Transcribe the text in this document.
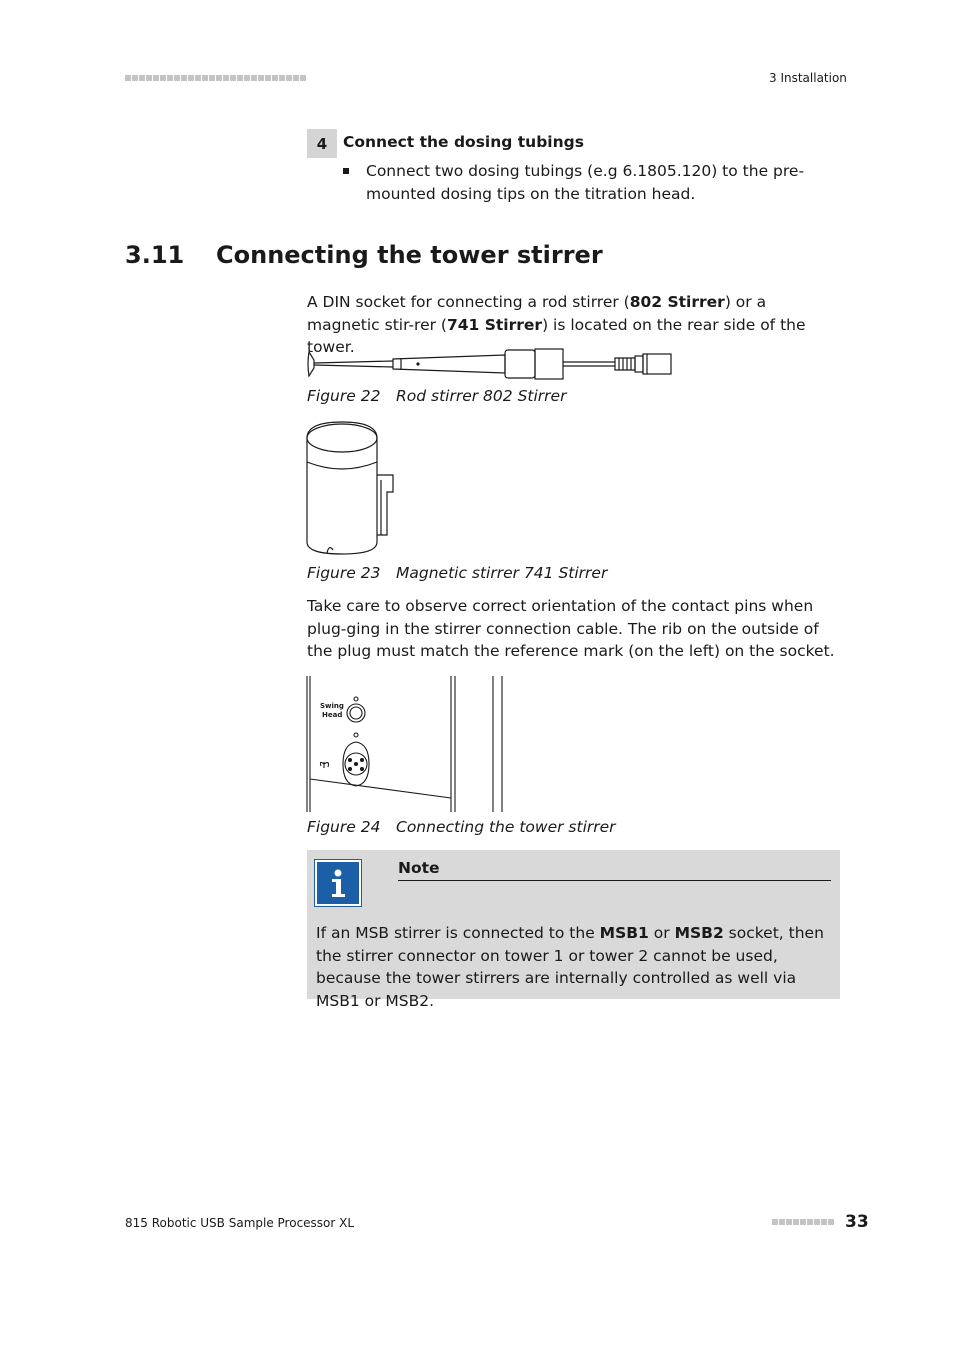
3 Installation
4	Connect the dosing tubings
Connect two dosing tubings (e.g 6.1805.120) to the pre-mounted dosing tips on the titration head.
3.11 Connecting the tower stirrer
A DIN socket for connecting a rod stirrer (802 Stirrer) or a magnetic stir-rer (741 Stirrer) is located on the rear side of the tower.
Figure 22 Rod stirrer 802 Stirrer
Figure 23 Magnetic stirrer 741 Stirrer
Take care to observe correct orientation of the contact pins when plug-ging in the stirrer connection cable. The rib on the outside of the plug must match the reference mark (on the left) on the socket.
Swing
Head
Figure 24 Connecting the tower stirrer
Note
If an MSB stirrer is connected to the MSB1 or MSB2 socket, then the stirrer connector on tower 1 or tower 2 cannot be used, because the tower stirrers are internally controlled as well via MSB1 or MSB2.
815 Robotic USB Sample Processor XL	33
